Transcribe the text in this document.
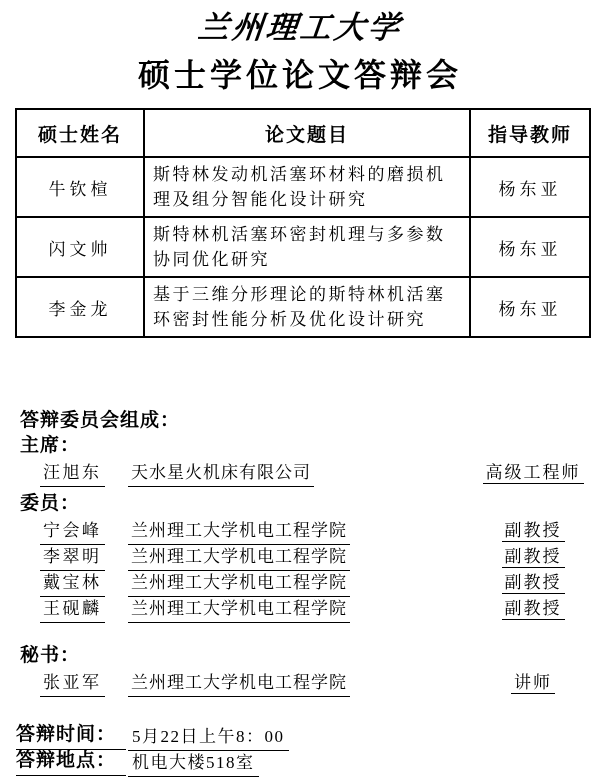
兰州理工大学
硕士学位论文答辩会
硕士姓名	论文题目	指导教师
牛钦楦	斯特林发动机活塞环材料的磨损机理及组分智能化设计研究	杨东亚
闪文帅	斯特林机活塞环密封机理与多参数协同优化研究	杨东亚
李金龙	基于三维分形理论的斯特林机活塞环密封性能分析及优化设计研究	杨东亚
答辩委员会组成：
主席：
汪旭东 天水星火机床有限公司	高级工程师
委员：
宁会峰 兰州理工大学机电工程学院	副教授
李翠明 兰州理工大学机电工程学院	副教授
戴宝林 兰州理工大学机电工程学院	副教授
王砚麟 兰州理工大学机电工程学院	副教授
秘书：
张亚军 兰州理工大学机电工程学院	讲师
答辩时间： 5月22日上午8：00
答辩地点： 机电大楼518室
